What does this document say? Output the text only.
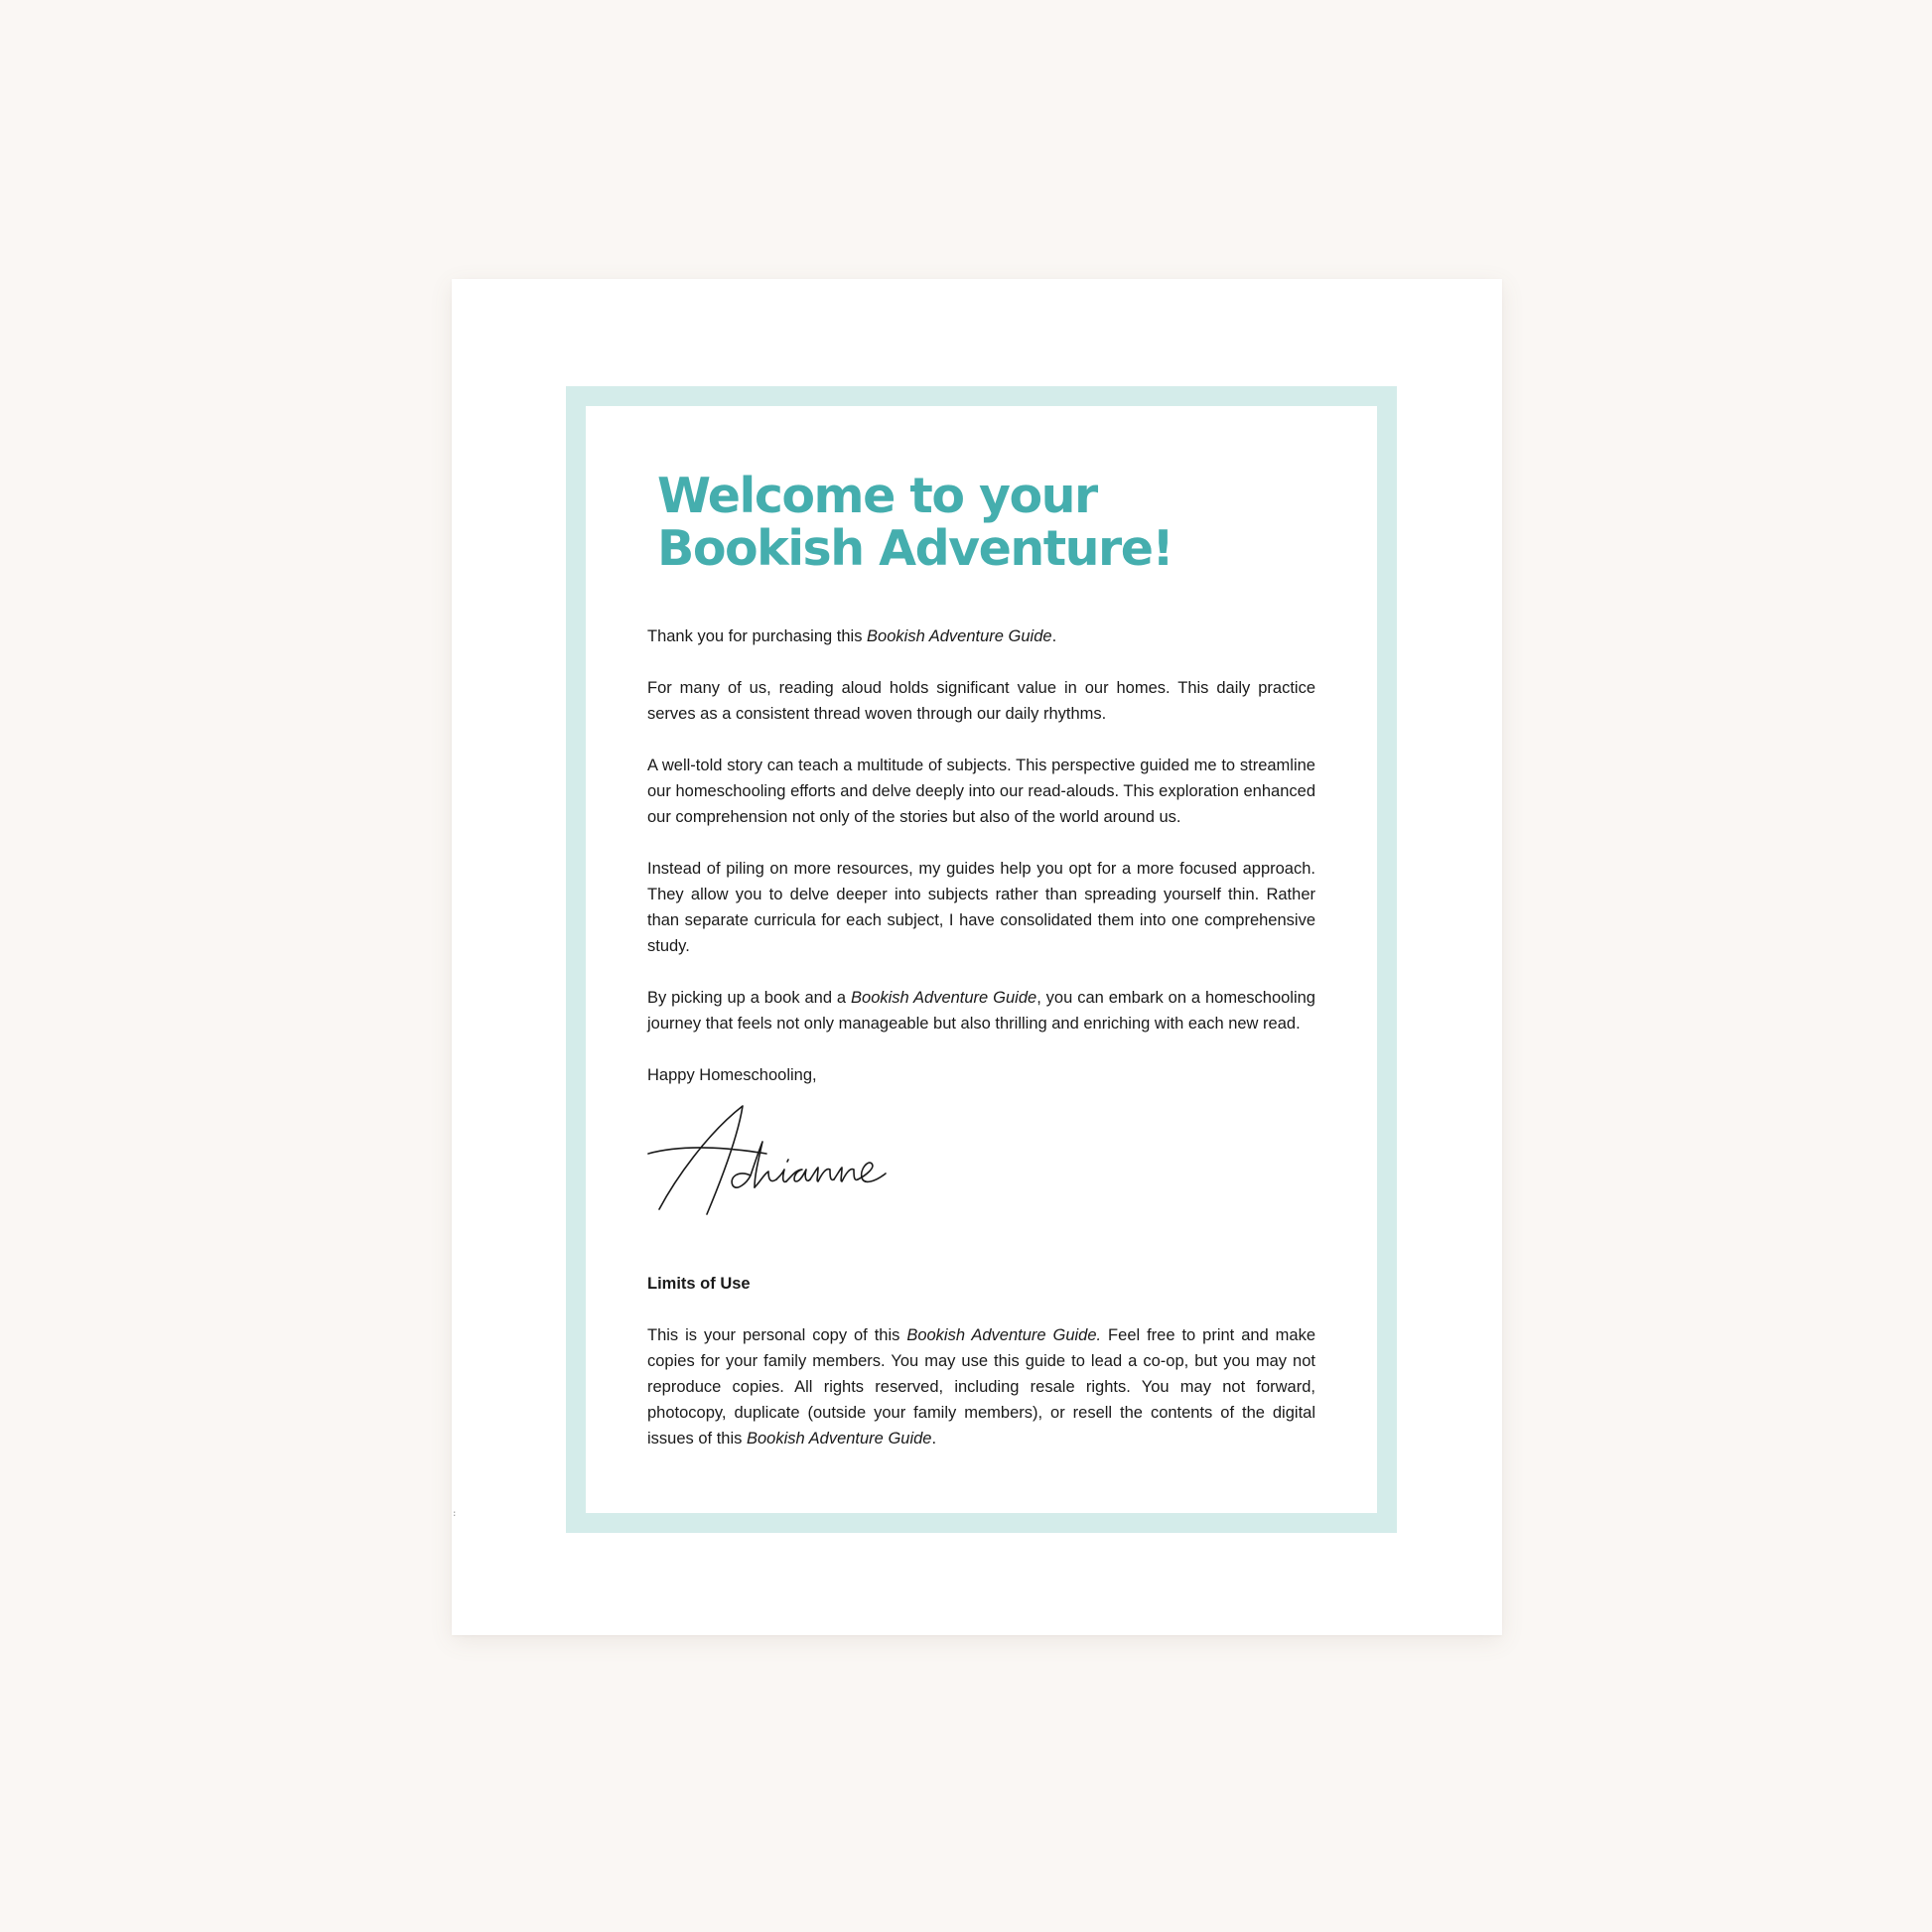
Welcome to your
Bookish Adventure!

Thank you for purchasing this Bookish Adventure Guide.

For many of us, reading aloud holds significant value in our homes. This daily practice serves as a consistent thread woven through our daily rhythms.

A well-told story can teach a multitude of subjects. This perspective guided me to streamline our homeschooling efforts and delve deeply into our read-alouds. This exploration enhanced our comprehension not only of the stories but also of the world around us.

Instead of piling on more resources, my guides help you opt for a more focused approach. They allow you to delve deeper into subjects rather than spreading yourself thin. Rather than separate curricula for each subject, I have consolidated them into one comprehensive study.

By picking up a book and a Bookish Adventure Guide, you can embark on a homeschooling journey that feels not only manageable but also thrilling and enriching with each new read.

Happy Homeschooling,

Limits of Use

This is your personal copy of this Bookish Adventure Guide. Feel free to print and make copies for your family members. You may use this guide to lead a co-op, but you may not reproduce copies. All rights reserved, including resale rights. You may not forward, photocopy, duplicate (outside your family members), or resell the contents of the digital issues of this Bookish Adventure Guide.

:
